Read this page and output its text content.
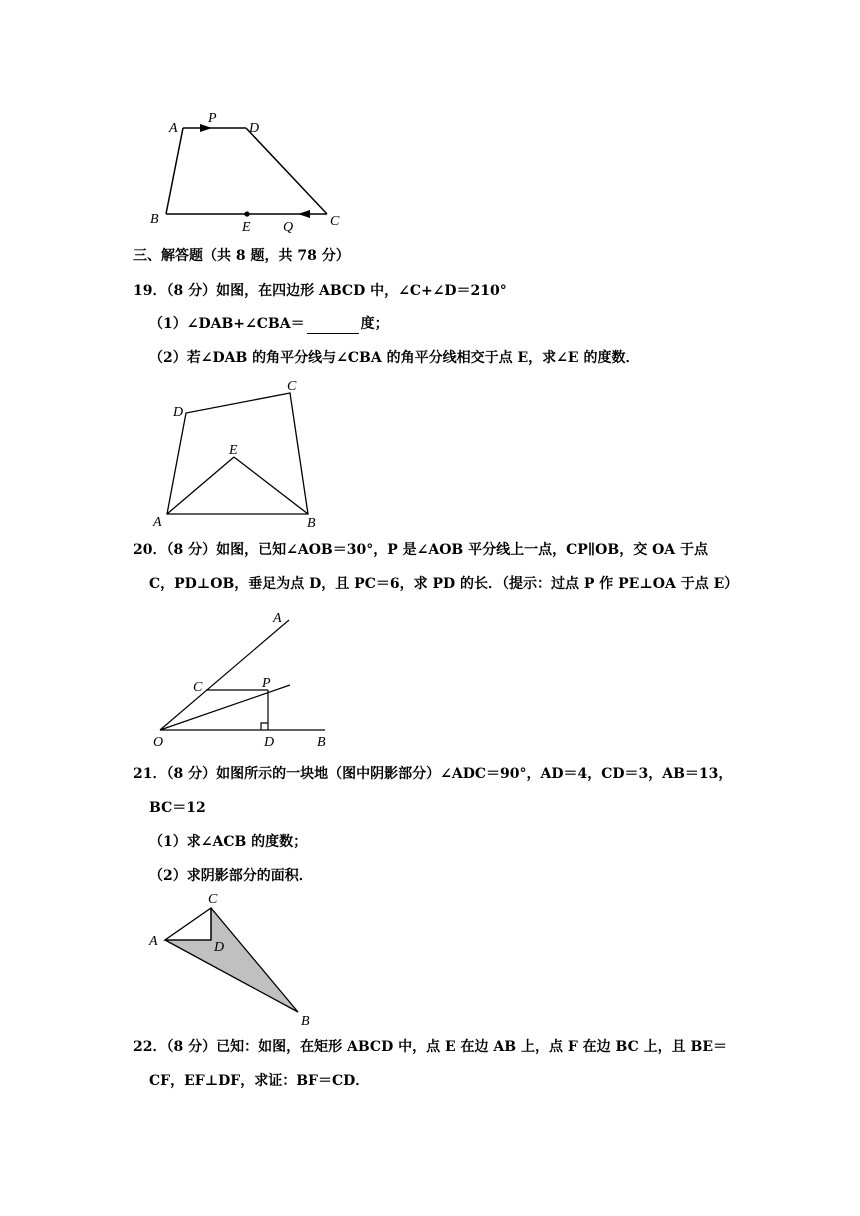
A
P
D
B
E Q	C
三、解答题（共 8 题，共 78 分）
19．（8 分）如图，在四边形 ABCD 中，∠C+∠D＝210°
（1）∠DAB+∠CBA＝	度；
（2）若∠DAB 的角平分线与∠CBA 的角平分线相交于点 E，求∠E 的度数．
C
D
E
A	B
20．（8 分）如图，已知∠AOB＝30°，P 是∠AOB 平分线上一点，CP∥OB，交 OA 于点
C，PD⊥OB，垂足为点 D，且 PC＝6，求 PD 的长．（提示：过点 P 作 PE⊥OA 于点 E）
A
C	P
O	D	B
21．（8 分）如图所示的一块地（图中阴影部分）∠ADC＝90°，AD＝4，CD＝3，AB＝13，
BC＝12
（1）求∠ACB 的度数；
（2）求阴影部分的面积．
C
A	D
B
22．（8 分）已知：如图，在矩形 ABCD 中，点 E 在边 AB 上，点 F 在边 BC 上，且 BE＝
CF，EF⊥DF，求证：BF＝CD．
